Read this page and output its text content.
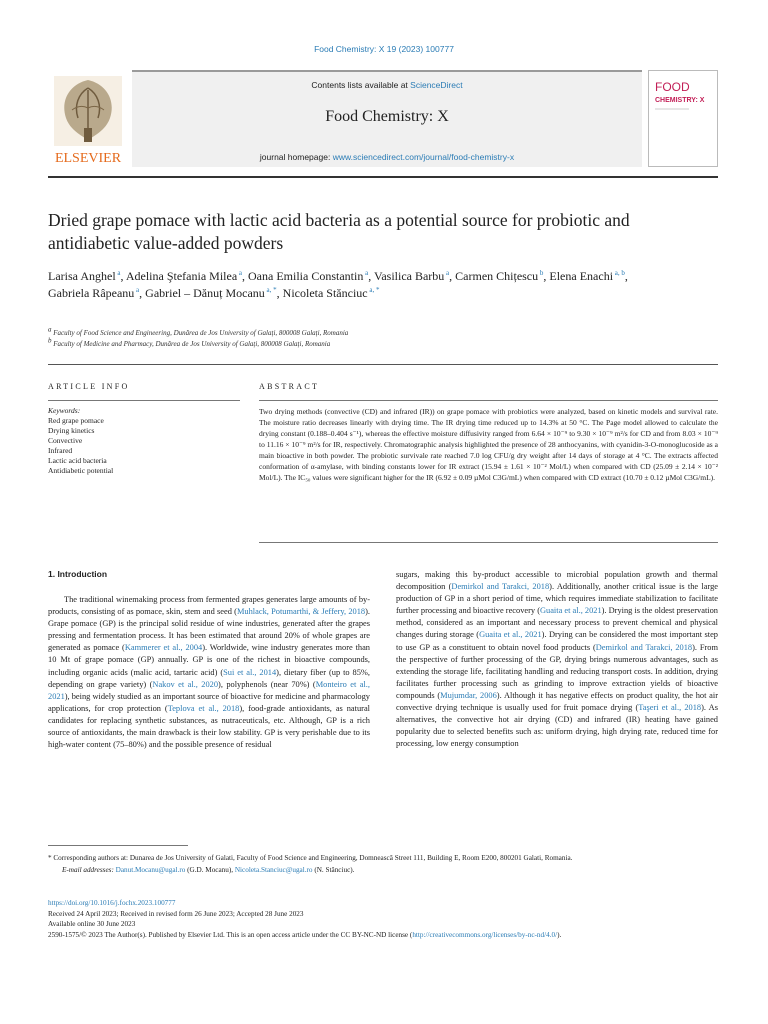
Food Chemistry: X 19 (2023) 100777
ELSEVIER
Contents lists available at ScienceDirect
Food Chemistry: X
journal homepage: www.sciencedirect.com/journal/food-chemistry-x
FOOD
CHEMISTRY: X
Dried grape pomace with lactic acid bacteria as a potential source for probiotic and antidiabetic value-added powders
Larisa Anghel $^a$, Adelina Ştefania Milea $^a$, Oana Emilia Constantin $^a$, Vasilica Barbu $^a$, Carmen Chițescu $^b$, Elena Enachi $^{a, b}$, Gabriela Râpeanu $^a$, Gabriel – Dănuț Mocanu $^{a, *}$, Nicoleta Stănciuc $^{a, *}$
$^a$ Faculty of Food Science and Engineering, Dunărea de Jos University of Galați, 800008 Galați, Romania
$^b$ Faculty of Medicine and Pharmacy, Dunărea de Jos University of Galați, 800008 Galați, Romania
ARTICLE INFO
Keywords:
Red grape pomace
Drying kinetics
Convective
Infrared
Lactic acid bacteria
Antidiabetic potential
ABSTRACT
Two drying methods (convective (CD) and infrared (IR)) on grape pomace with probiotics were analyzed, based on kinetic models and survival rate. The moisture ratio decreases linearly with drying time. The IR drying time reduced up to 14.3% at 50 °C. The Page model allowed to calculate the drying constant (0.188–0.404 s⁻¹), whereas the effective moisture diffusivity ranged from 6.64 × 10⁻⁹ to 9.30 × 10⁻⁹ m²/s for CD and from 8.03 × 10⁻⁹ to 11.16 × 10⁻⁹ m²/s for IR, respectively. Chromatographic analysis highlighted the presence of 28 anthocyanins, with cyanidin-3-O-monoglucoside as a main bioactive in both powder. The probiotic survivale rate reached 7.0 log CFU/g dry weight after 14 days of storage at 4 °C. The extracts affected conformation of α-amylase, with binding constants lower for IR extract (15.94 ± 1.61 × 10⁻² Mol/L) when compared with CD (25.09 ± 2.14 × 10⁻² Mol/L). The IC₅₀ values were significant higher for the IR (6.92 ± 0.09 µMol C3G/mL) when compared with CD extract (10.70 ± 0.12 µMol C3G/mL).
1. Introduction
The traditional winemaking process from fermented grapes generates large amounts of by-products, consisting of as pomace, skin, stem and seed (Muhlack, Potumarthi, & Jeffery, 2018). Grape pomace (GP) is the principal solid residue of wine industries, generated after the grapes pressing and fermentation process. It has been estimated that around 20% of whole grapes are generated as pomace (Kammerer et al., 2004). Worldwide, wine industry generates more than 10 Mt of grape pomace (GP) annually. GP is one of the richest in bioactive compounds, including organic acids (malic acid, tartaric acid) (Sui et al., 2014), dietary fiber (up to 85%, depending on grape variety) (Nakov et al., 2020), polyphenols (near 70%) (Monteiro et al., 2021), being widely studied as an important source of bioactive for medicine and pharmacology applications, for crop protection (Teplova et al., 2018), food-grade antioxidants, as natural candidates for replacing synthetic substances, as nutraceuticals, etc. Although, GP is a rich source of antioxidants, the main drawback is their low stability. GP is very perishable due to its high-water content (75–80%) and the possible presence of residual
sugars, making this by-product accessible to microbial population growth and thermal decomposition (Demirkol and Tarakci, 2018). Additionally, another critical issue is the large production of GP in a short period of time, which requires immediate stabilization to facilitate further processing and bioactive recovery (Guaita et al., 2021). Drying is the oldest preservation method, considered as an important and necessary process to prevent chemical and physical changes during storage (Guaita et al., 2021). Drying can be considered the most important step to use GP as a constituent to obtain novel food products (Demirkol and Tarakci, 2018). From the perspective of further processing of the GP, drying brings numerous advantages, such as extending the storage life, facilitating handling and reducing transport costs. In addition, drying facilitates further processing such as grinding to improve extraction yields of bioactive compounds (Mujumdar, 2006). Although it has negative effects on product quality, the hot air convective drying technique is usually used for fruit pomace drying (Taşeri et al., 2018). As alternatives, the convective hot air drying (CD) and infrared (IR) heating have gained popularity due to selected benefits such as: uniform drying, high drying rate, reduced time for processing, low energy consumption
* Corresponding authors at: Dunarea de Jos University of Galati, Faculty of Food Science and Engineering, Domnească Street 111, Building E, Room E200, 800201 Galati, Romania.
E-mail addresses: Danut.Mocanu@ugal.ro (G.D. Mocanu), Nicoleta.Stanciuc@ugal.ro (N. Stănciuc).
https://doi.org/10.1016/j.fochx.2023.100777
Received 24 April 2023; Received in revised form 26 June 2023; Accepted 28 June 2023
Available online 30 June 2023
2590-1575/© 2023 The Author(s). Published by Elsevier Ltd. This is an open access article under the CC BY-NC-ND license (http://creativecommons.org/licenses/by-nc-nd/4.0/).
